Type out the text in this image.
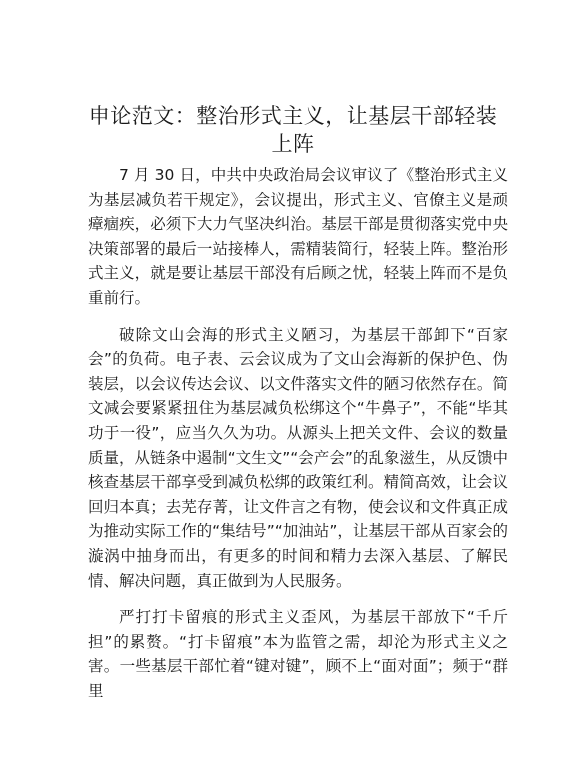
申论范文：整治形式主义，让基层干部轻装上阵

7 月 30 日，中共中央政治局会议审议了《整治形式主义为基层减负若干规定》，会议提出，形式主义、官僚主义是顽瘴痼疾，必须下大力气坚决纠治。基层干部是贯彻落实党中央决策部署的最后一站接棒人，需精装简行，轻装上阵。整治形式主义，就是要让基层干部没有后顾之忧，轻装上阵而不是负重前行。

破除文山会海的形式主义陋习，为基层干部卸下“百家会”的负荷。电子表、云会议成为了文山会海新的保护色、伪装层，以会议传达会议、以文件落实文件的陋习依然存在。简文减会要紧紧扭住为基层减负松绑这个“牛鼻子”，不能“毕其功于一役”，应当久久为功。从源头上把关文件、会议的数量质量，从链条中遏制“文生文”“会产会”的乱象滋生，从反馈中核查基层干部享受到减负松绑的政策红利。精简高效，让会议回归本真；去芜存菁，让文件言之有物，使会议和文件真正成为推动实际工作的“集结号”“加油站”，让基层干部从百家会的漩涡中抽身而出，有更多的时间和精力去深入基层、了解民情、解决问题，真正做到为人民服务。

严打打卡留痕的形式主义歪风，为基层干部放下“千斤担”的累赘。“打卡留痕”本为监管之需，却沦为形式主义之害。一些基层干部忙着“键对键”，顾不上“面对面”；频于“群里
